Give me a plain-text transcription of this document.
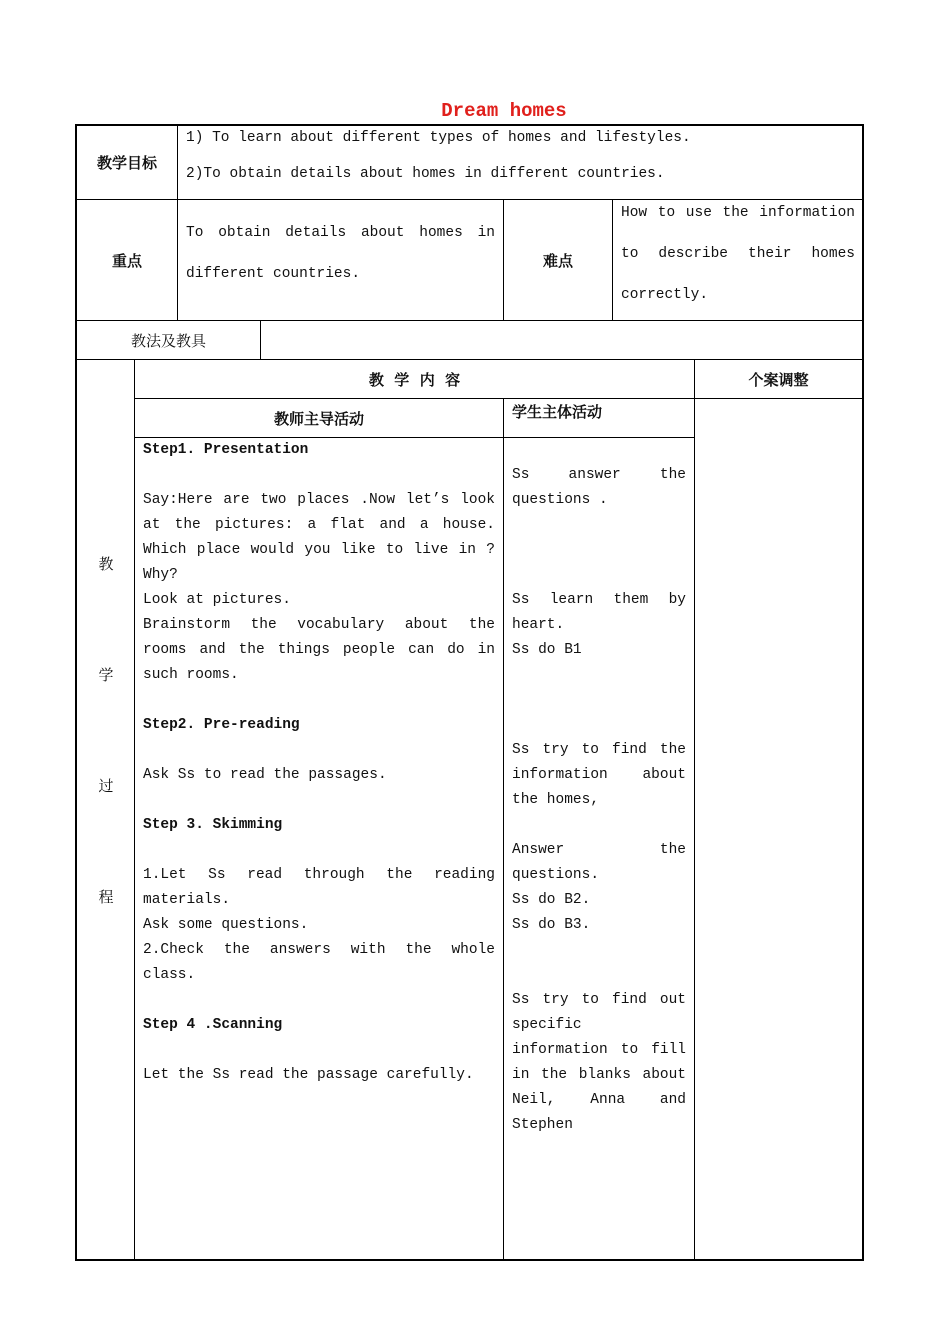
Dream homes
教学目标

1) To learn about different types of homes and lifestyles.

2)To obtain details about homes in different countries.

重点
To obtain details about homes in different countries.
难点
How to use the information to describe their homes correctly.
教法及教具
教
学
过
程
教  学  内  容	个案调整
教师主导活动	学生主体活动

Step1. Presentation

Say:Here are two places .Now let’s look at the pictures: a flat and a house. Which place would you like to live in ? Why?

Look at pictures.

Brainstorm the vocabulary about the rooms and the things people can do in such rooms.

Step2. Pre-reading

Ask Ss to read the passages.

Step 3. Skimming

1.Let Ss read through the reading materials.

Ask some questions.

2.Check the answers with the whole class.

Step 4 .Scanning

Let the Ss read the passage carefully.

Ss answer the questions .

Ss learn them by heart.

Ss do B1

Ss try to find the information about the homes,

Answer the questions.

Ss do B2.

Ss do B3.

Ss try to find out specific information to fill in the blanks about Neil, Anna and Stephen
